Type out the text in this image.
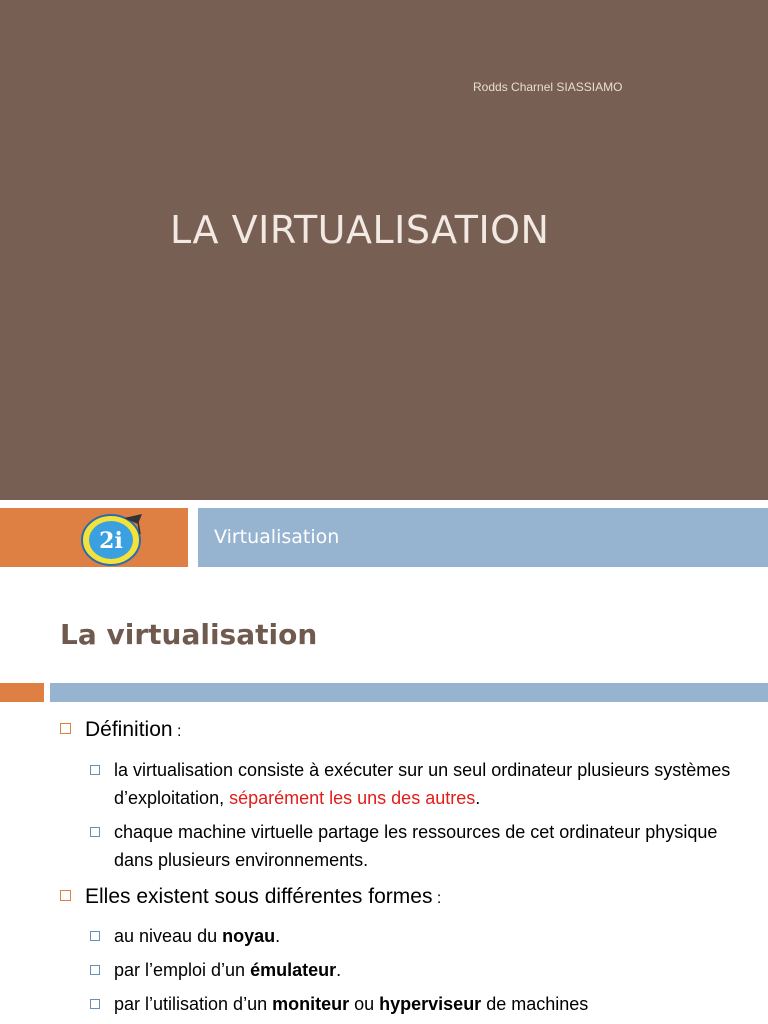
Rodds Charnel SIASSIAMO
LA VIRTUALISATION
2i	Virtualisation
La virtualisation
Définition :
la virtualisation consiste à exécuter sur un seul ordinateur plusieurs systèmes d’exploitation, séparément les uns des autres.
chaque machine virtuelle partage les ressources de cet ordinateur physique dans plusieurs environnements.
Elles existent sous différentes formes :
au niveau du noyau.
par l’emploi d’un émulateur.
par l’utilisation d’un moniteur ou hyperviseur de machines
